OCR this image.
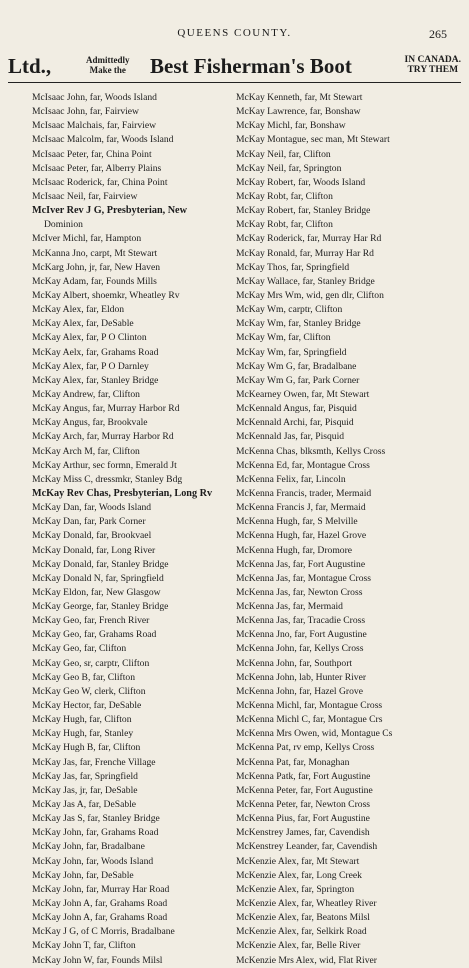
QUEENS COUNTY.	265
Ltd.,	Admittedly
Make the Best Fisherman's Boot	IN CANADA.
TRY THEM
McIsaac John, far, Woods Island
McIsaac John, far, Fairview
McIsaac Malchais, far, Fairview
McIsaac Malcolm, far, Woods Island
McIsaac Peter, far, China Point
McIsaac Peter, far, Alberry Plains
McIsaac Roderick, far, China Point
McIsaac Neil, far, Fairview
McIver Rev J G, Presbyterian, New
Dominion
McIver Michl, far, Hampton
McKanna Jno, carpt, Mt Stewart
McKarg John, jr, far, New Haven
McKay Adam, far, Founds Mills
McKay Albert, shoemkr, Wheatley Rv
McKay Alex, far, Eldon
McKay Alex, far, DeSable
McKay Alex, far, P O Clinton
McKay Aelx, far, Grahams Road
McKay Alex, far, P O Darnley
McKay Alex, far, Stanley Bridge
McKay Andrew, far, Clifton
McKay Angus, far, Murray Harbor Rd
McKay Angus, far, Brookvale
McKay Arch, far, Murray Harbor Rd
McKay Arch M, far, Clifton
McKay Arthur, sec formn, Emerald Jt
McKay Miss C, dressmkr, Stanley Bdg
McKay Rev Chas, Presbyterian, Long Rv
McKay Dan, far, Woods Island
McKay Dan, far, Park Corner
McKay Donald, far, Brookvael
McKay Donald, far, Long River
McKay Donald, far, Stanley Bridge
McKay Donald N, far, Springfield
McKay Eldon, far, New Glasgow
McKay George, far, Stanley Bridge
McKay Geo, far, French River
McKay Geo, far, Grahams Road
McKay Geo, far, Clifton
McKay Geo, sr, carptr, Clifton
McKay Geo B, far, Clifton
McKay Geo W, clerk, Clifton
McKay Hector, far, DeSable
McKay Hugh, far, Clifton
McKay Hugh, far, Stanley
McKay Hugh B, far, Clifton
McKay Jas, far, Frenche Village
McKay Jas, far, Springfield
McKay Jas, jr, far, DeSable
McKay Jas A, far, DeSable
McKay Jas S, far, Stanley Bridge
McKay John, far, Grahams Road
McKay John, far, Bradalbane
McKay John, far, Woods Island
McKay John, far, DeSable
McKay John, far, Murray Har Road
McKay John A, far, Grahams Road
McKay John A, far, Grahams Road
McKay J G, of C Morris, Bradalbane
McKay John T, far, Clifton
McKay John W, far, Founds Milsl
McKay Kenneth, far, Mt Stewart
McKay Lawrence, far, Bonshaw
McKay Michl, far, Bonshaw
McKay Montague, sec man, Mt Stewart
McKay Neil, far, Clifton
McKay Neil, far, Springton
McKay Robert, far, Woods Island
McKay Robt, far, Clifton
McKay Robert, far, Stanley Bridge
McKay Robt, far, Clifton
McKay Roderick, far, Murray Har Rd
McKay Ronald, far, Murray Har Rd
McKay Thos, far, Springfield
McKay Wallace, far, Stanley Bridge
McKay Mrs Wm, wid, gen dlr, Clifton
McKay Wm, carptr, Clifton
McKay Wm, far, Stanley Bridge
McKay Wm, far, Clifton
McKay Wm, far, Springfield
McKay Wm G, far, Bradalbane
McKay Wm G, far, Park Corner
McKearney Owen, far, Mt Stewart
McKennald Angus, far, Pisquid
McKennald Archi, far, Pisquid
McKennald Jas, far, Pisquid
McKenna Chas, blksmth, Kellys Cross
McKenna Ed, far, Montague Cross
McKenna Felix, far, Lincoln
McKenna Francis, trader, Mermaid
McKenna Francis J, far, Mermaid
McKenna Hugh, far, S Melville
McKenna Hugh, far, Hazel Grove
McKenna Hugh, far, Dromore
McKenna Jas, far, Fort Augustine
McKenna Jas, far, Montague Cross
McKenna Jas, far, Newton Cross
McKenna Jas, far, Mermaid
McKenna Jas, far, Tracadie Cross
McKenna Jno, far, Fort Augustine
McKenna John, far, Kellys Cross
McKenna John, far, Southport
McKenna John, lab, Hunter River
McKenna John, far, Hazel Grove
McKenna Michl, far, Montague Cross
McKenna Michl C, far, Montague Crs
McKenna Mrs Owen, wid, Montague Cs
McKenna Pat, rv emp, Kellys Cross
McKenna Pat, far, Monaghan
McKenna Patk, far, Fort Augustine
McKenna Peter, far, Fort Augustine
McKenna Peter, far, Newton Cross
McKenna Pius, far, Fort Augustine
McKenstrey James, far, Cavendish
McKenstrey Leander, far, Cavendish
McKenzie Alex, far, Mt Stewart
McKenzie Alex, far, Long Creek
McKenzie Alex, far, Springton
McKenzie Alex, far, Wheatley River
McKenzie Alex, far, Beatons Milsl
McKenzie Alex, far, Selkirk Road
McKenzie Alex, far, Belle River
McKenzie Mrs Alex, wid, Flat River
